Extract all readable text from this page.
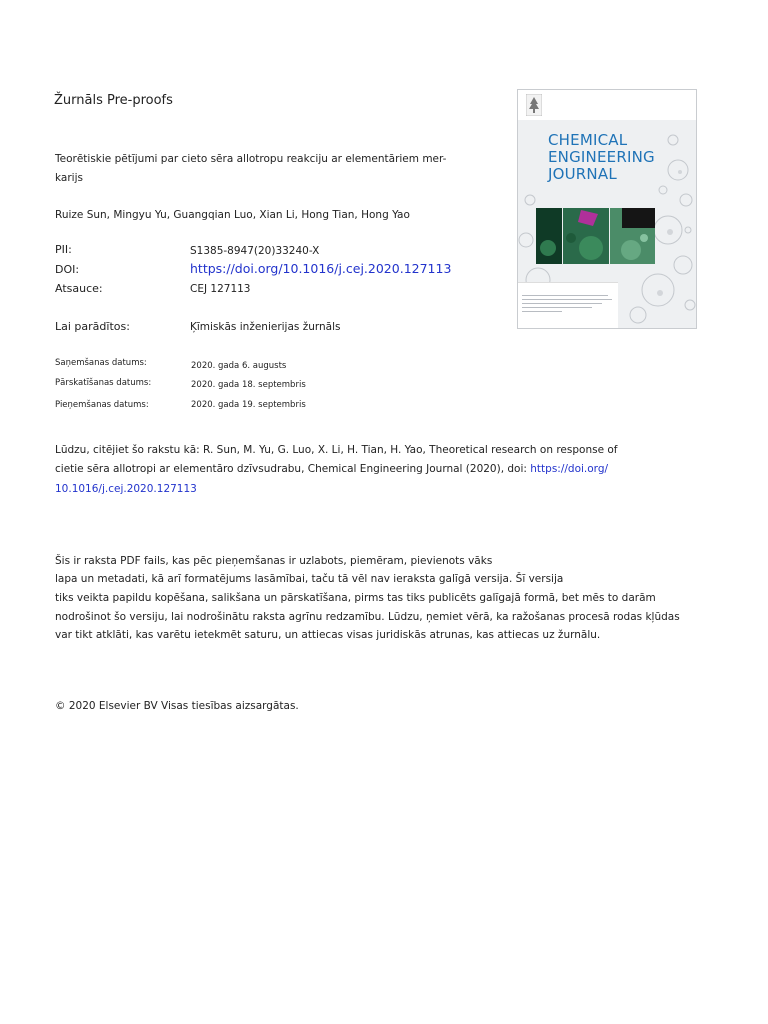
Žurnāls Pre-proofs
Teorētiskie pētījumi par cieto sēra allotropu reakciju ar elementāriem mer-
karijs
Ruize Sun, Mingyu Yu, Guangqian Luo, Xian Li, Hong Tian, Hong Yao
PII:	S1385-8947(20)33240-X
DOI:	https://doi.org/10.1016/j.cej.2020.127113
Atsauce:	CEJ 127113
Lai parādītos:	Ķīmiskās inženierijas žurnāls
Saņemšanas datums:	2020. gada 6. augusts
Pārskatīšanas datums:	2020. gada 18. septembris
Pieņemšanas datums:	2020. gada 19. septembris
Lūdzu, citējiet šo rakstu kā: R. Sun, M. Yu, G. Luo, X. Li, H. Tian, H. Yao, Theoretical research on response of
cietie sēra allotropi ar elementāro dzīvsudrabu, Chemical Engineering Journal (2020), doi: https://doi.org/
10.1016/j.cej.2020.127113
Šis ir raksta PDF fails, kas pēc pieņemšanas ir uzlabots, piemēram, pievienots vāks
lapa un metadati, kā arī formatējums lasāmībai, taču tā vēl nav ieraksta galīgā versija. Šī versija
tiks veikta papildu kopēšana, salikšana un pārskatīšana, pirms tas tiks publicēts galīgajā formā, bet mēs to darām
nodrošinot šo versiju, lai nodrošinātu raksta agrīnu redzamību. Lūdzu, ņemiet vērā, ka ražošanas procesā rodas kļūdas
var tikt atklāti, kas varētu ietekmēt saturu, un attiecas visas juridiskās atrunas, kas attiecas uz žurnālu.
© 2020 Elsevier BV Visas tiesības aizsargātas.
CHEMICAL
ENGINEERING
JOURNAL
